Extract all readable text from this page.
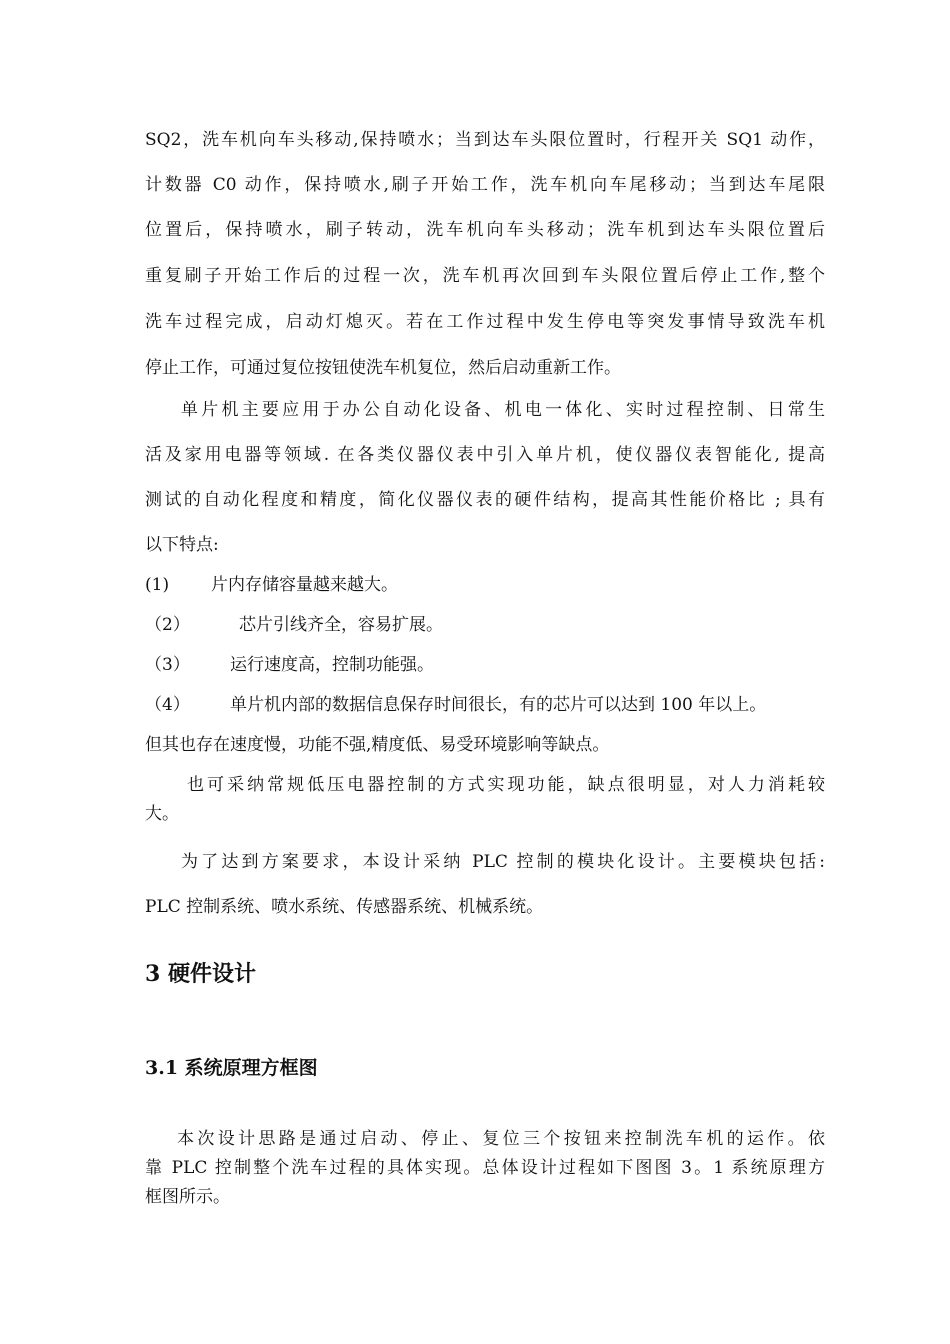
SQ2，洗车机向车头移动,保持喷水；当到达车头限位置时，行程开关 SQ1 动作，
计数器 C0 动作，保持喷水,刷子开始工作，洗车机向车尾移动；当到达车尾限
位置后，保持喷水，刷子转动，洗车机向车头移动；洗车机到达车头限位置后
重复刷子开始工作后的过程一次，洗车机再次回到车头限位置后停止工作,整个
洗车过程完成，启动灯熄灭。若在工作过程中发生停电等突发事情导致洗车机
停止工作，可通过复位按钮使洗车机复位，然后启动重新工作。
单片机主要应用于办公自动化设备、机电一体化、实时过程控制、日常生
活及家用电器等领域. 在各类仪器仪表中引入单片机，使仪器仪表智能化, 提高
测试的自动化程度和精度，简化仪器仪表的硬件结构，提高其性能价格比 ; 具有
以下特点:
(1) 片内存储容量越来越大。
（2）	芯片引线齐全，容易扩展。
（3） 运行速度高，控制功能强。
（4） 单片机内部的数据信息保存时间很长，有的芯片可以达到 100 年以上。
但其也存在速度慢，功能不强,精度低、易受环境影响等缺点。
也可采纳常规低压电器控制的方式实现功能，缺点很明显，对人力消耗较
大。
为了达到方案要求，本设计采纳 PLC 控制的模块化设计。主要模块包括:
PLC 控制系统、喷水系统、传感器系统、机械系统。
3 硬件设计
3.1 系统原理方框图
本次设计思路是通过启动、停止、复位三个按钮来控制洗车机的运作。依
靠 PLC 控制整个洗车过程的具体实现。总体设计过程如下图图 3。1 系统原理方
框图所示。
